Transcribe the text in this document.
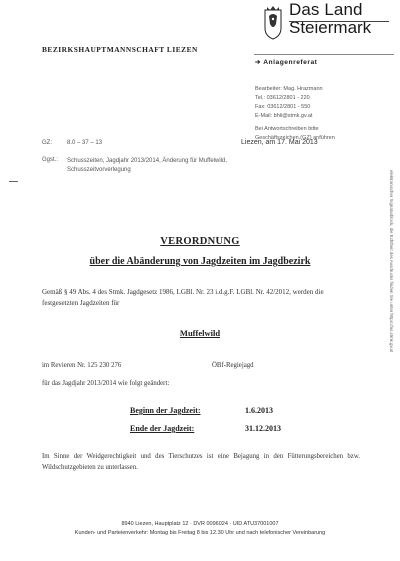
Das Land
Steiermark
BEZIRKSHAUPTMANNSCHAFT LIEZEN
➔ Anlagenreferat
Bearbeiter: Mag. Hrazmann
Tel.: 03612/2801 - 220
Fax: 03612/2801 - 550
E-Mail: bhli@stmk.gv.at
Bei Antwortschreiben bitte
Geschäftszeichen (GZ) anführen
GZ:	8.0 – 37 – 13	Liezen, am 17. Mai 2013
Ggst.: Schusszeiten, Jagdjahr 2013/2014, Änderung für Muffelwild,
Schusszeitvorverlegung
VERORDNUNG
über die Abänderung von Jagdzeiten im Jagdbezirk
Gemäß § 49 Abs. 4 des Stmk. Jagdgesetz 1986, LGBl. Nr. 23 i.d.g.F. LGBl. Nr. 42/2012, werden die festgesetzten Jagdzeiten für
Muffelwild
im Revieren Nr. 125 230 276	ÖBf-Regiejagd
für das Jagdjahr 2013/2014 wie folgt geändert:
Beginn der Jagdzeit:	1.6.2013
Ende der Jagdzeit:	31.12.2013
Im Sinne der Weidgerechtigkeit und des Tierschutzes ist eine Bejagung in den Fütterungsbereichen bzw. Wildschutzgebieten zu unterlassen.
8940 Liezen, Hauptplatz 12 · DVR 0096024 · UID ATU37001007
Kunden- und Parteienverkehr: Montag bis Freitag 8 bis 12.30 Uhr und nach telefonischer Vereinbarung
elektronischer Signaturblock, die Echtheit des Ausdrucks finden Sie unter https://as.stmk.gv.at
